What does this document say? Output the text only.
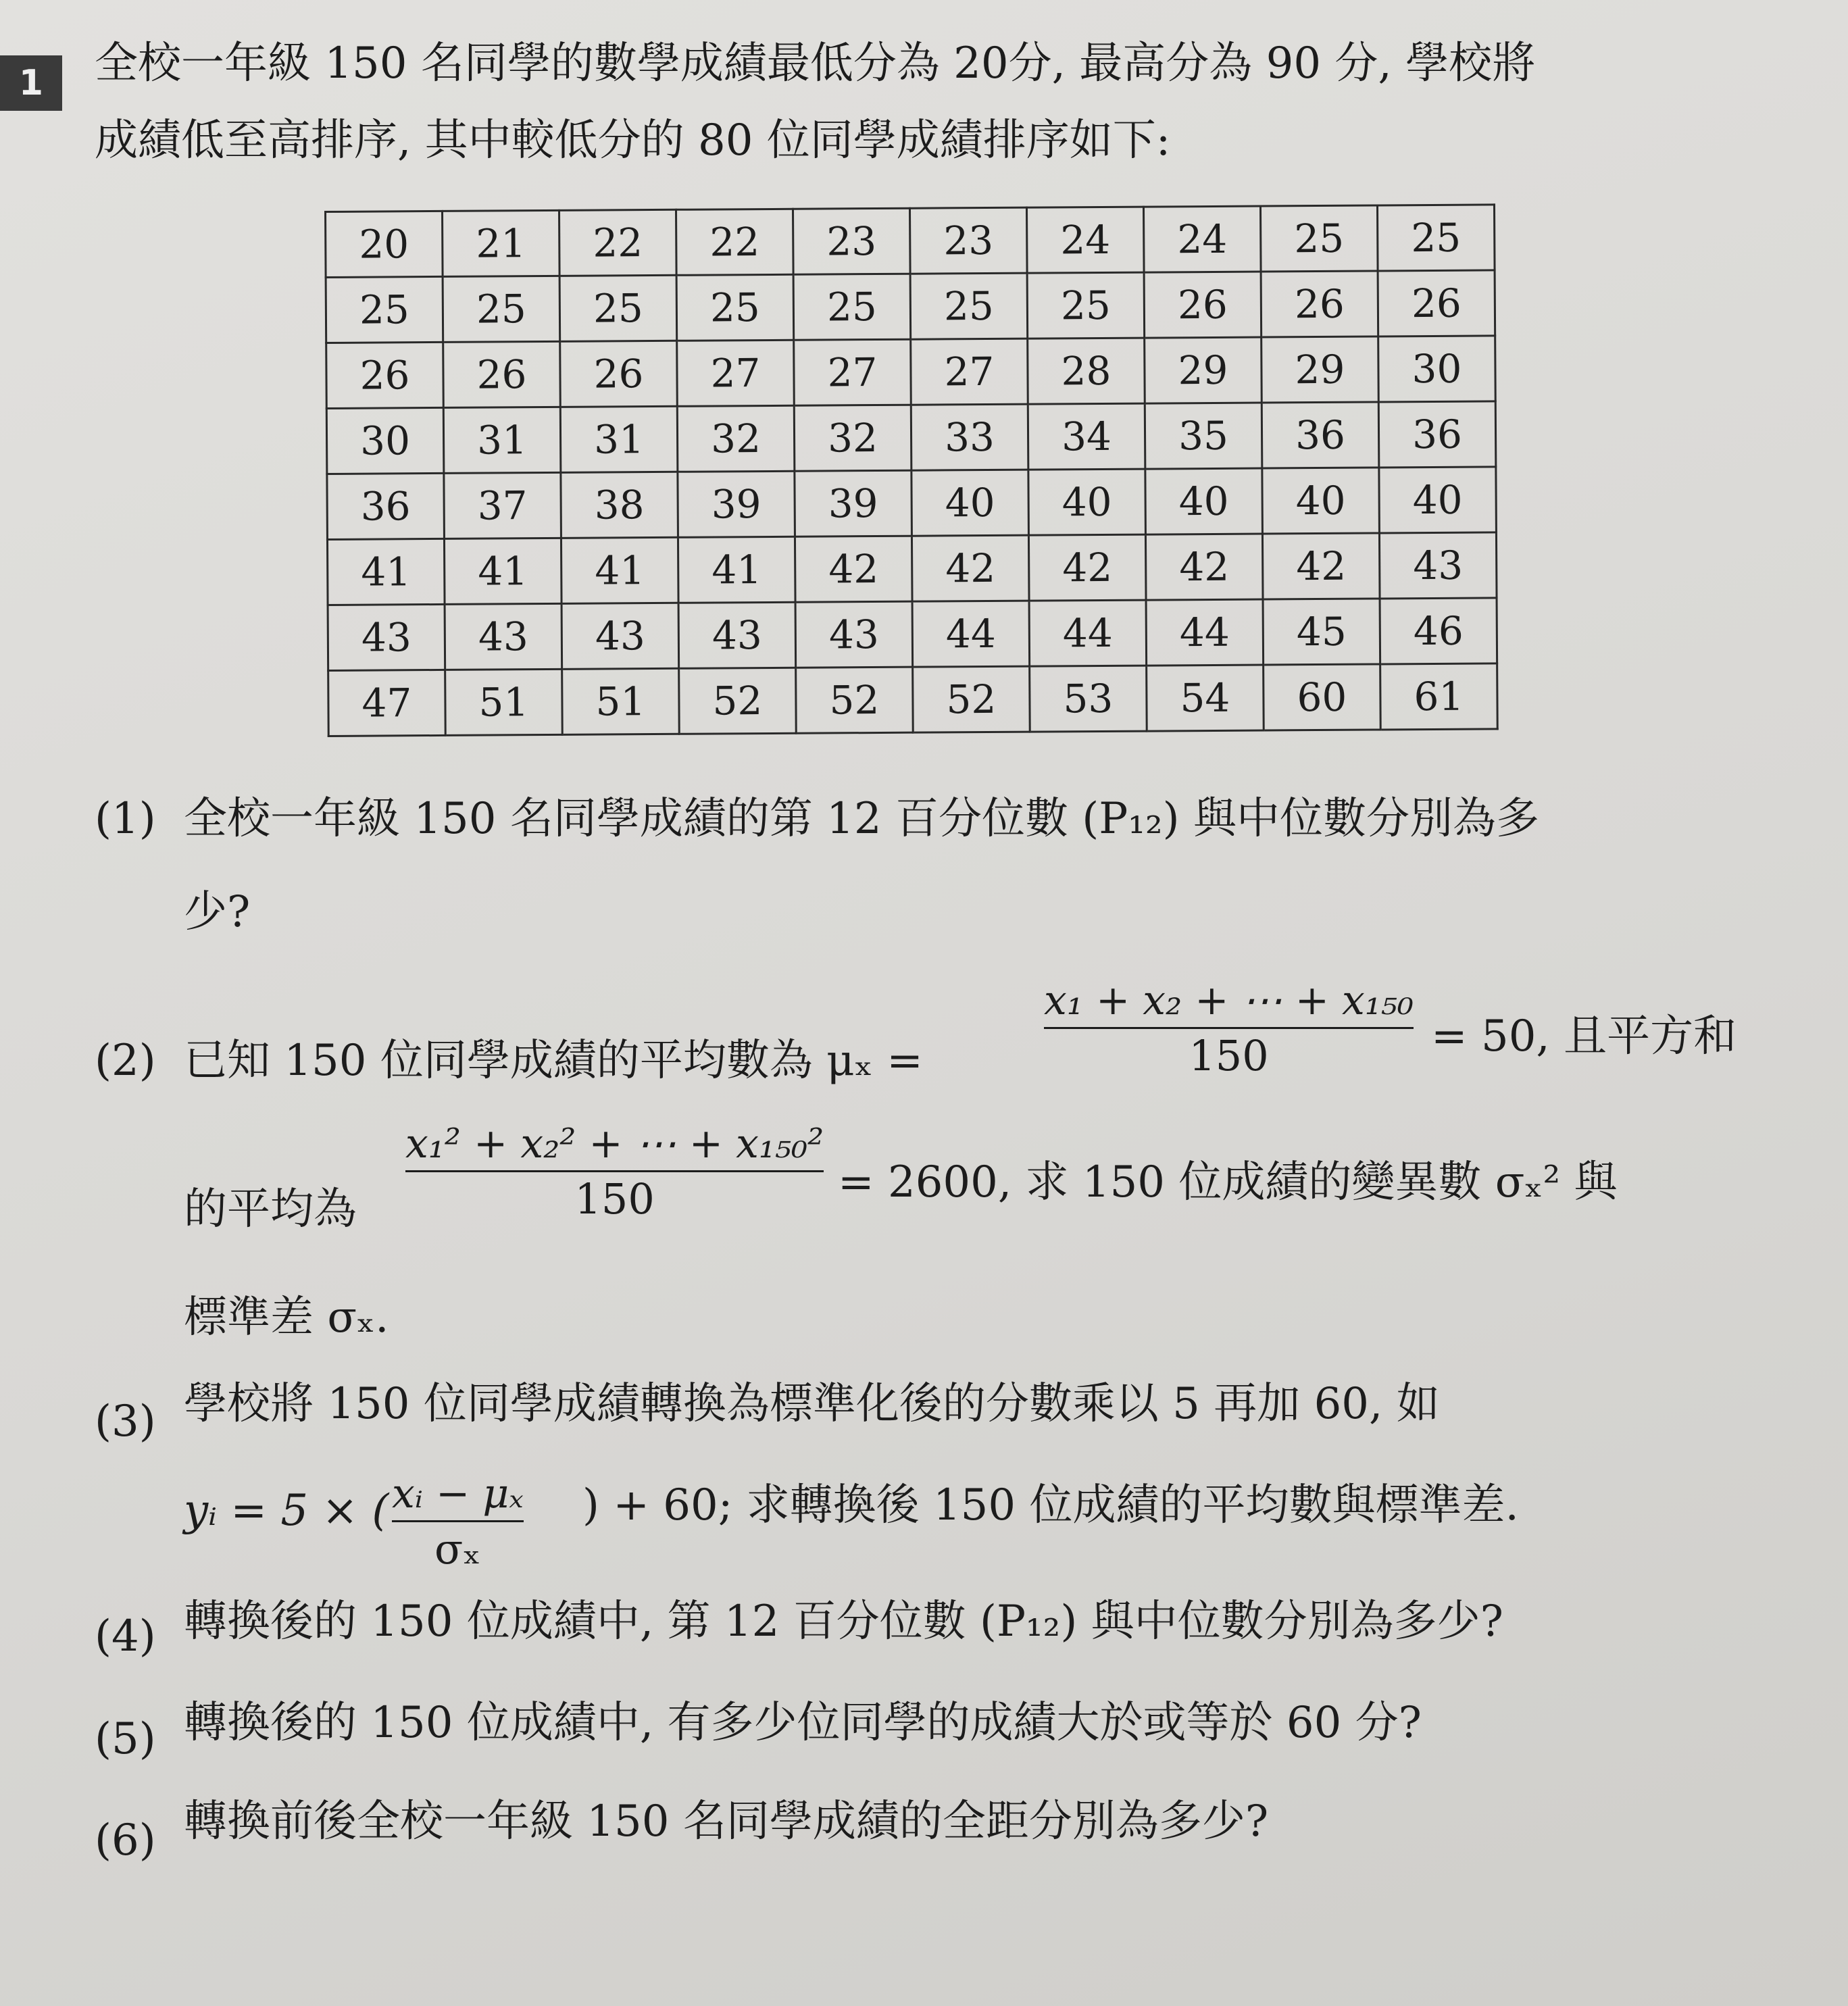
1	全校一年級 150 名同學的數學成績最低分為 20分, 最高分為 90 分, 學校將
成績低至高排序, 其中較低分的 80 位同學成績排序如下:
20	21	22	22	23	23	24	24	25	25
25	25	25	25	25	25	25	26	26	26
26	26	26	27	27	27	28	29	29	30
30	31	31	32	32	33	34	35	36	36
36	37	38	39	39	40	40	40	40	40
41	41	41	41	42	42	42	42	42	43
43	43	43	43	43	44	44	44	45	46
47	51	51	52	52	52	53	54	60	61
(1) 全校一年級 150 名同學成績的第 12 百分位數 (P₁₂) 與中位數分別為多
少?
(2) 已知 150 位同學成績的平均數為 μₓ =
x₁ + x₂ + ⋯ + x₁₅₀
150	= 50, 且平方和
的平均為
x₁² + x₂² + ⋯ + x₁₅₀²
150	= 2600, 求 150 位成績的變異數 σₓ² 與
標準差 σₓ.
(3) 學校將 150 位同學成績轉換為標準化後的分數乘以 5 再加 60, 如
yᵢ = 5 × ( xᵢ − μₓ
σₓ
) + 60; 求轉換後 150 位成績的平均數與標準差.
(4) 轉換後的 150 位成績中, 第 12 百分位數 (P₁₂) 與中位數分別為多少?
(5) 轉換後的 150 位成績中, 有多少位同學的成績大於或等於 60 分?
(6) 轉換前後全校一年級 150 名同學成績的全距分別為多少?
